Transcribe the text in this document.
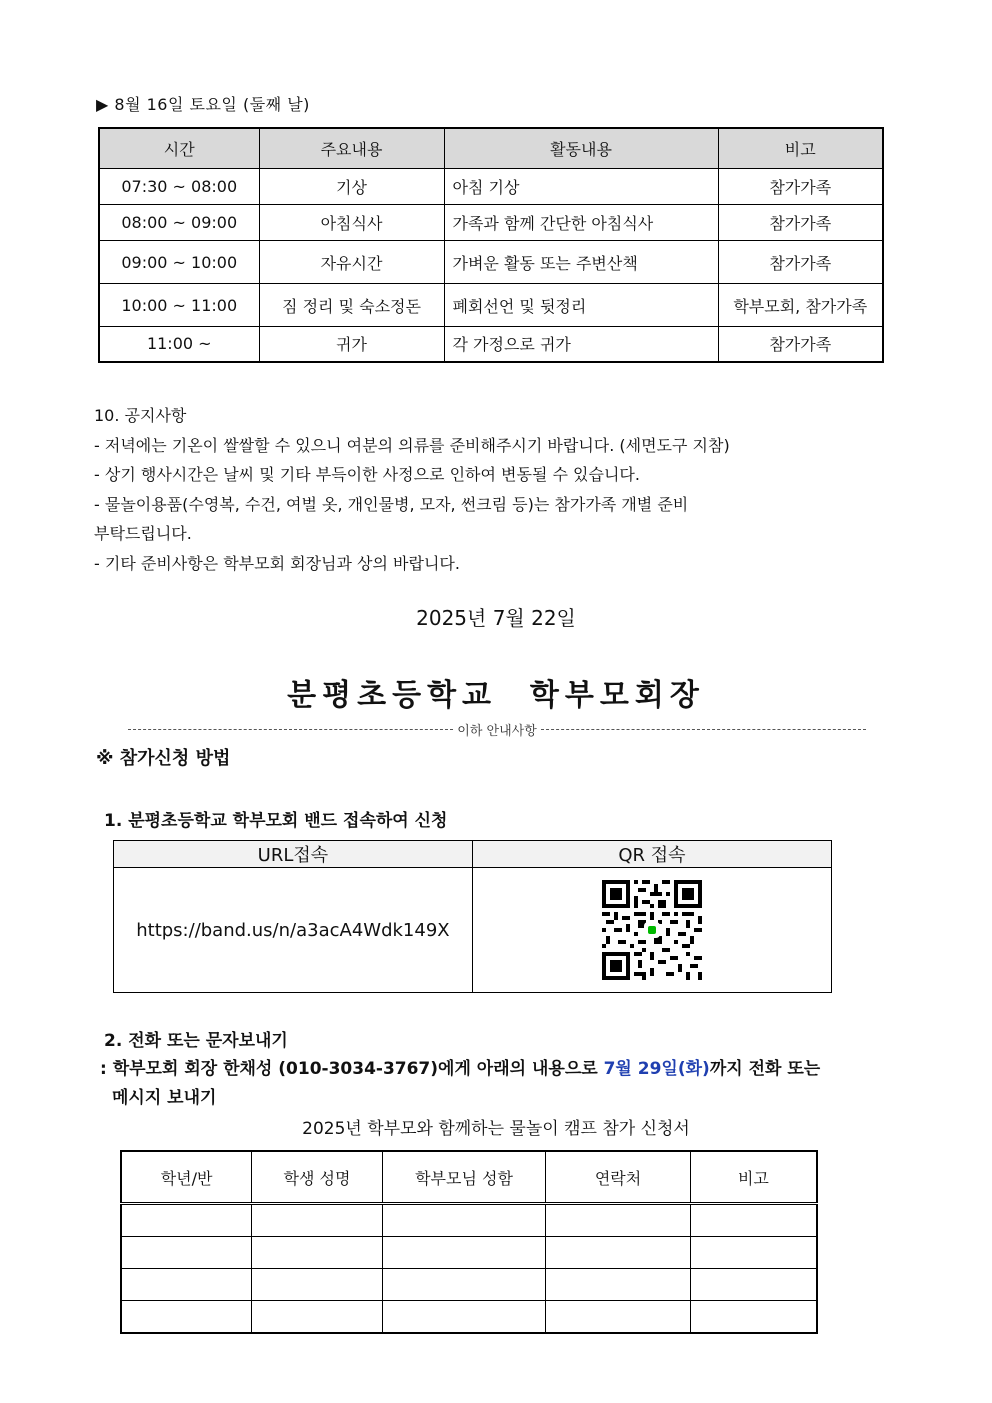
▶ 8월 16일 토요일 (둘째 날)
시간	주요내용	활동내용	비고
07:30 ~ 08:00	기상	아침 기상	참가가족
08:00 ~ 09:00	아침식사	가족과 함께 간단한 아침식사	참가가족
09:00 ~ 10:00	자유시간	가벼운 활동 또는 주변산책	참가가족
10:00 ~ 11:00	짐 정리 및 숙소정돈	폐회선언 및 뒷정리	학부모회, 참가가족
11:00 ~	귀가	각 가정으로 귀가	참가가족
10. 공지사항
- 저녁에는 기온이 쌀쌀할 수 있으니 여분의 의류를 준비해주시기 바랍니다. (세면도구 지참)
- 상기 행사시간은 날씨 및 기타 부득이한 사정으로 인하여 변동될 수 있습니다.
- 물놀이용품(수영복, 수건, 여벌 옷, 개인물병, 모자, 썬크림 등)는 참가가족 개별 준비
부탁드립니다.
- 기타 준비사항은 학부모회 회장님과 상의 바랍니다.
2025년 7월 22일
분평초등학교  학부모회장
이하 안내사항
※ 참가신청 방법
1. 분평초등학교 학부모회 밴드 접속하여 신청
URL접속	QR 접속
https://band.us/n/a3acA4Wdk149X	
2. 전화 또는 문자보내기
: 학부모회 회장 한채성 (010-3034-3767)에게 아래의 내용으로 7월 29일(화)까지 전화 또는
메시지 보내기
2025년 학부모와 함께하는 물놀이 캠프 참가 신청서
학년/반	학생 성명	학부모님 성함	연락처	비고
